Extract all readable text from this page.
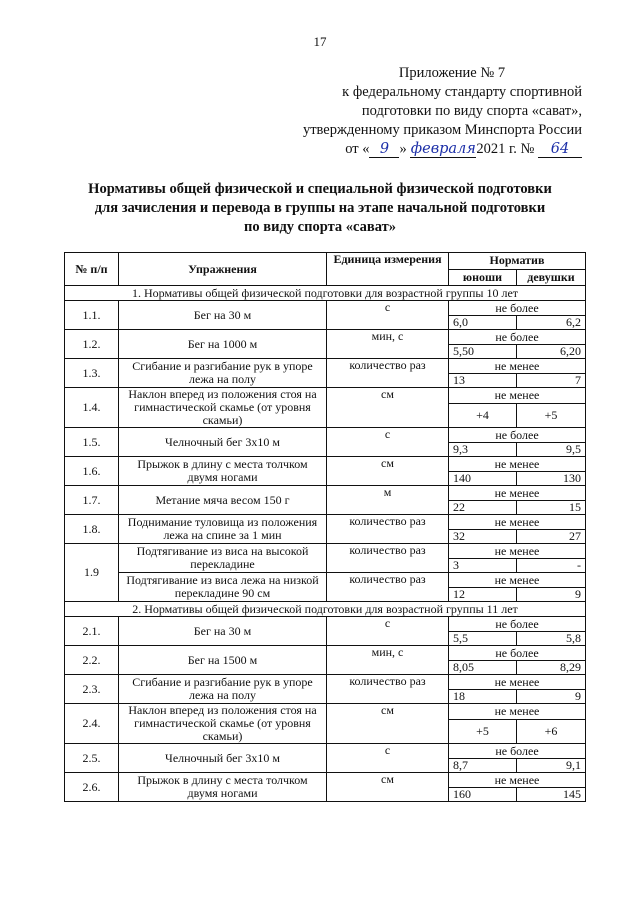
17
Приложение № 7
к федеральному стандарту спортивной
подготовки по виду спорта «сават»,
утвержденному приказом Минспорта России
от « 9 » февраля2021 г. № 64
Нормативы общей физической и специальной физической подготовки
для зачисления и перевода в группы на этапе начальной подготовки
по виду спорта «сават»
№ п/п	Упражнения	Единица измерения	Норматив	
			юноши	девушки
1. Нормативы общей физической подготовки для возрастной группы 10 лет				
1.1.	Бег на 30 м	с	не более	
			6,0	6,2
1.2.	Бег на 1000 м	мин, с	не более	
			5,50	6,20
1.3.	Сгибание и разгибание рук в упоре лежа на полу	количество раз	не менее	
			13	7
1.4.	Наклон вперед из положения стоя на гимнастической скамье (от уровня скамьи)	см	не менее	
			+4	+5
1.5.	Челночный бег 3x10 м	с	не более	
			9,3	9,5
1.6.	Прыжок в длину с места толчком двумя ногами	см	не менее	
			140	130
1.7.	Метание мяча весом 150 г	м	не менее	
			22	15
1.8.	Поднимание туловища из положения лежа на спине за 1 мин	количество раз	не менее	
			32	27
1.9	Подтягивание из виса на высокой перекладине	количество раз	не менее	
			3	-
	Подтягивание из виса лежа на низкой перекладине 90 см	количество раз	не менее	
			12	9
2. Нормативы общей физической подготовки для возрастной группы 11 лет				
2.1.	Бег на 30 м	с	не более	
			5,5	5,8
2.2.	Бег на 1500 м	мин, с	не более	
			8,05	8,29
2.3.	Сгибание и разгибание рук в упоре лежа на полу	количество раз	не менее	
			18	9
2.4.	Наклон вперед из положения стоя на гимнастической скамье (от уровня скамьи)	см	не менее	
			+5	+6
2.5.	Челночный бег 3x10 м	с	не более	
			8,7	9,1
2.6.	Прыжок в длину с места толчком двумя ногами	см	не менее	
			160	145
